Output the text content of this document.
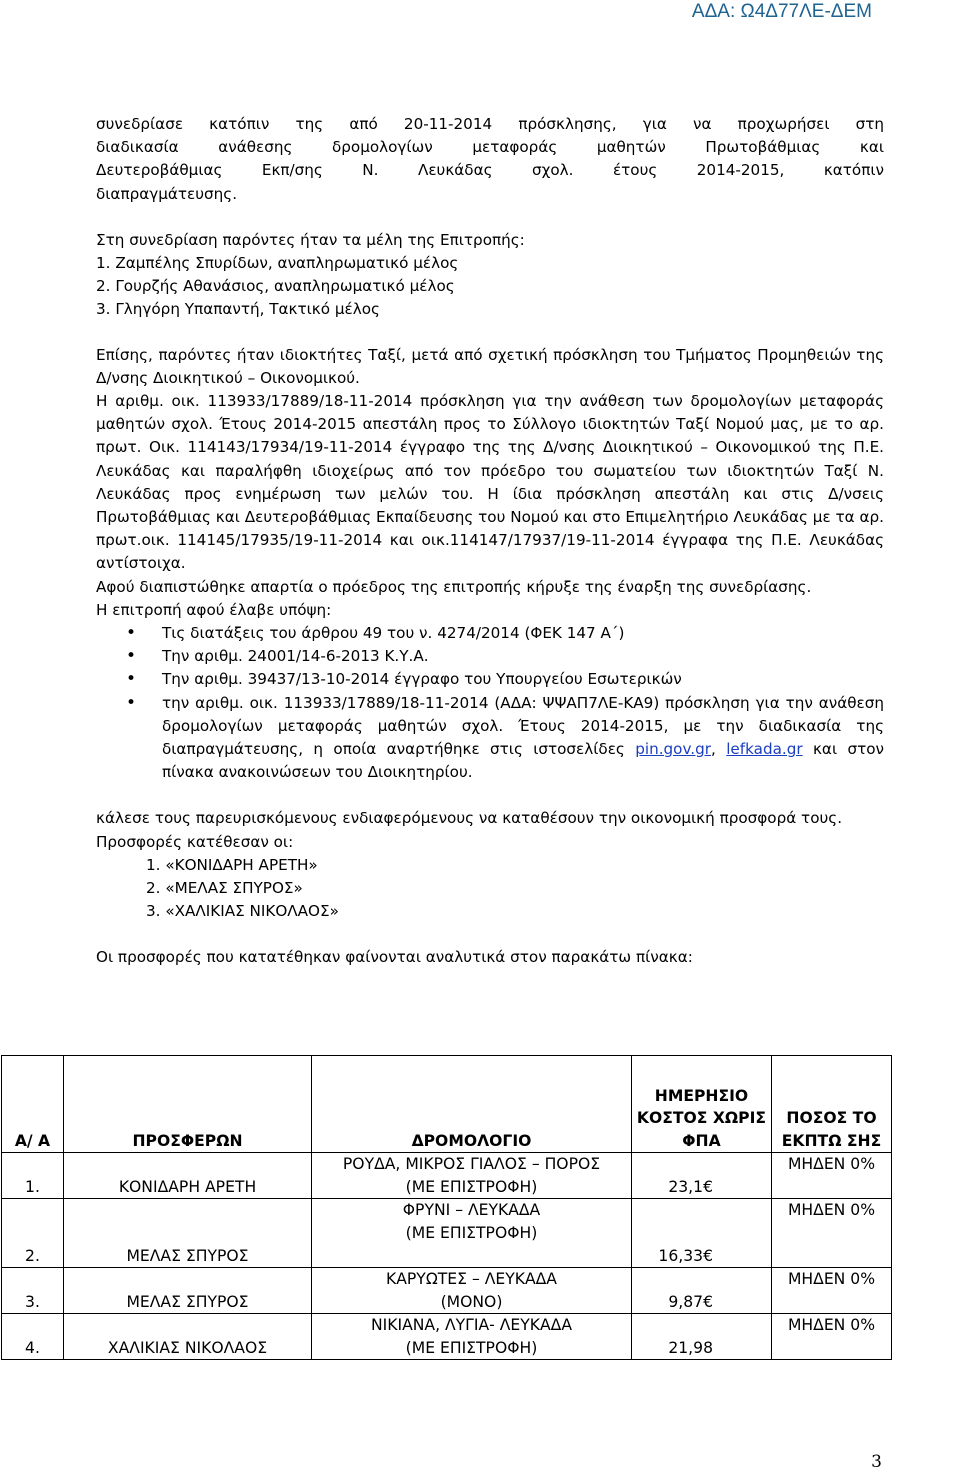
ΑΔΑ: Ω4Δ77ΛΕ-ΔΕΜ
συνεδρίασε κατόπιν της από 20-11-2014 πρόσκλησης, για να προχωρήσει στη
διαδικασία ανάθεσης δρομολογίων μεταφοράς μαθητών Πρωτοβάθμιας και
Δευτεροβάθμιας Εκπ/σης Ν. Λευκάδας σχολ. έτους 2014-2015, κατόπιν
διαπραγμάτευσης.
Στη συνεδρίαση παρόντες ήταν τα μέλη της Επιτροπής:
1. Ζαμπέλης Σπυρίδων, αναπληρωματικό μέλος
2. Γουρζής Αθανάσιος, αναπληρωματικό μέλος
3. Γληγόρη Υπαπαντή, Τακτικό μέλος
Επίσης, παρόντες ήταν ιδιοκτήτες Ταξί, μετά από σχετική πρόσκληση του Τμήματος Προμηθειών της Δ/νσης Διοικητικού – Οικονομικού.
Η αριθμ. οικ. 113933/17889/18-11-2014 πρόσκληση για την ανάθεση των δρομολογίων μεταφοράς μαθητών σχολ. Έτους 2014-2015 απεστάλη προς το Σύλλογο ιδιοκτητών Ταξί Νομού μας, με το αρ. πρωτ. Οικ. 114143/17934/19-11-2014 έγγραφο της της Δ/νσης Διοικητικού – Οικονομικού της Π.Ε. Λευκάδας και παραλήφθη ιδιοχείρως από τον πρόεδρο του σωματείου των ιδιοκτητών Ταξί Ν. Λευκάδας προς ενημέρωση των μελών του. Η ίδια πρόσκληση απεστάλη και στις Δ/νσεις Πρωτοβάθμιας και Δευτεροβάθμιας Εκπαίδευσης του Νομού και στο Επιμελητήριο Λευκάδας με τα αρ. πρωτ.οικ. 114145/17935/19-11-2014 και οικ.114147/17937/19-11-2014 έγγραφα της Π.Ε. Λευκάδας αντίστοιχα.
Αφού διαπιστώθηκε απαρτία ο πρόεδρος της επιτροπής κήρυξε της έναρξη της συνεδρίασης.
Η επιτροπή αφού έλαβε υπόψη:
• Τις διατάξεις του άρθρου 49 του ν. 4274/2014 (ΦΕΚ 147 Α΄)
• Την αριθμ. 24001/14-6-2013 Κ.Υ.Α.
• Την αριθμ. 39437/13-10-2014 έγγραφο του Υπουργείου Εσωτερικών
• την αριθμ. οικ. 113933/17889/18-11-2014 (ΑΔΑ: ΨΨΑΠ7ΛΕ-ΚΑ9) πρόσκληση για την ανάθεση δρομολογίων μεταφοράς μαθητών σχολ. Έτους 2014-2015, με την διαδικασία της διαπραγμάτευσης, η οποία αναρτήθηκε στις ιστοσελίδες pin.gov.gr, lefkada.gr και στον πίνακα ανακοινώσεων του Διοικητηρίου.
κάλεσε τους παρευρισκόμενους ενδιαφερόμενους να καταθέσουν την οικονομική προσφορά τους.
Προσφορές κατέθεσαν οι:
1. «ΚΟΝΙΔΑΡΗ ΑΡΕΤΗ»
2. «ΜΕΛΑΣ ΣΠΥΡΟΣ»
3. «ΧΑΛΙΚΙΑΣ ΝΙΚΟΛΑΟΣ»
Οι προσφορές που κατατέθηκαν φαίνονται αναλυτικά στον παρακάτω πίνακα:
Α/ Α	ΠΡΟΣΦΕΡΩΝ	ΔΡΟΜΟΛΟΓΙΟ	ΗΜΕΡΗΣΙΟ ΚΟΣΤΟΣ ΧΩΡΙΣ ΦΠΑ	ΠΟΣΟΣ ΤΟ ΕΚΠΤΩ ΣΗΣ
1.	ΚΟΝΙΔΑΡΗ ΑΡΕΤΗ	ΡΟΥΔΑ, ΜΙΚΡΟΣ ΓΙΑΛΟΣ – ΠΟΡΟΣ
(ΜΕ ΕΠΙΣΤΡΟΦΗ)	23,1€	ΜΗΔΕΝ 0%
2.	ΜΕΛΑΣ ΣΠΥΡΟΣ	ΦΡΥΝΙ – ΛΕΥΚΑΔΑ
(ΜΕ ΕΠΙΣΤΡΟΦΗ)	16,33€	ΜΗΔΕΝ 0%
3.	ΜΕΛΑΣ ΣΠΥΡΟΣ	ΚΑΡΥΩΤΕΣ – ΛΕΥΚΑΔΑ
(ΜΟΝΟ)	9,87€	ΜΗΔΕΝ 0%
4.	ΧΑΛΙΚΙΑΣ ΝΙΚΟΛΑΟΣ	ΝΙΚΙΑΝΑ, ΛΥΓΙΑ- ΛΕΥΚΑΔΑ
(ΜΕ ΕΠΙΣΤΡΟΦΗ)	21,98	ΜΗΔΕΝ 0%
3
